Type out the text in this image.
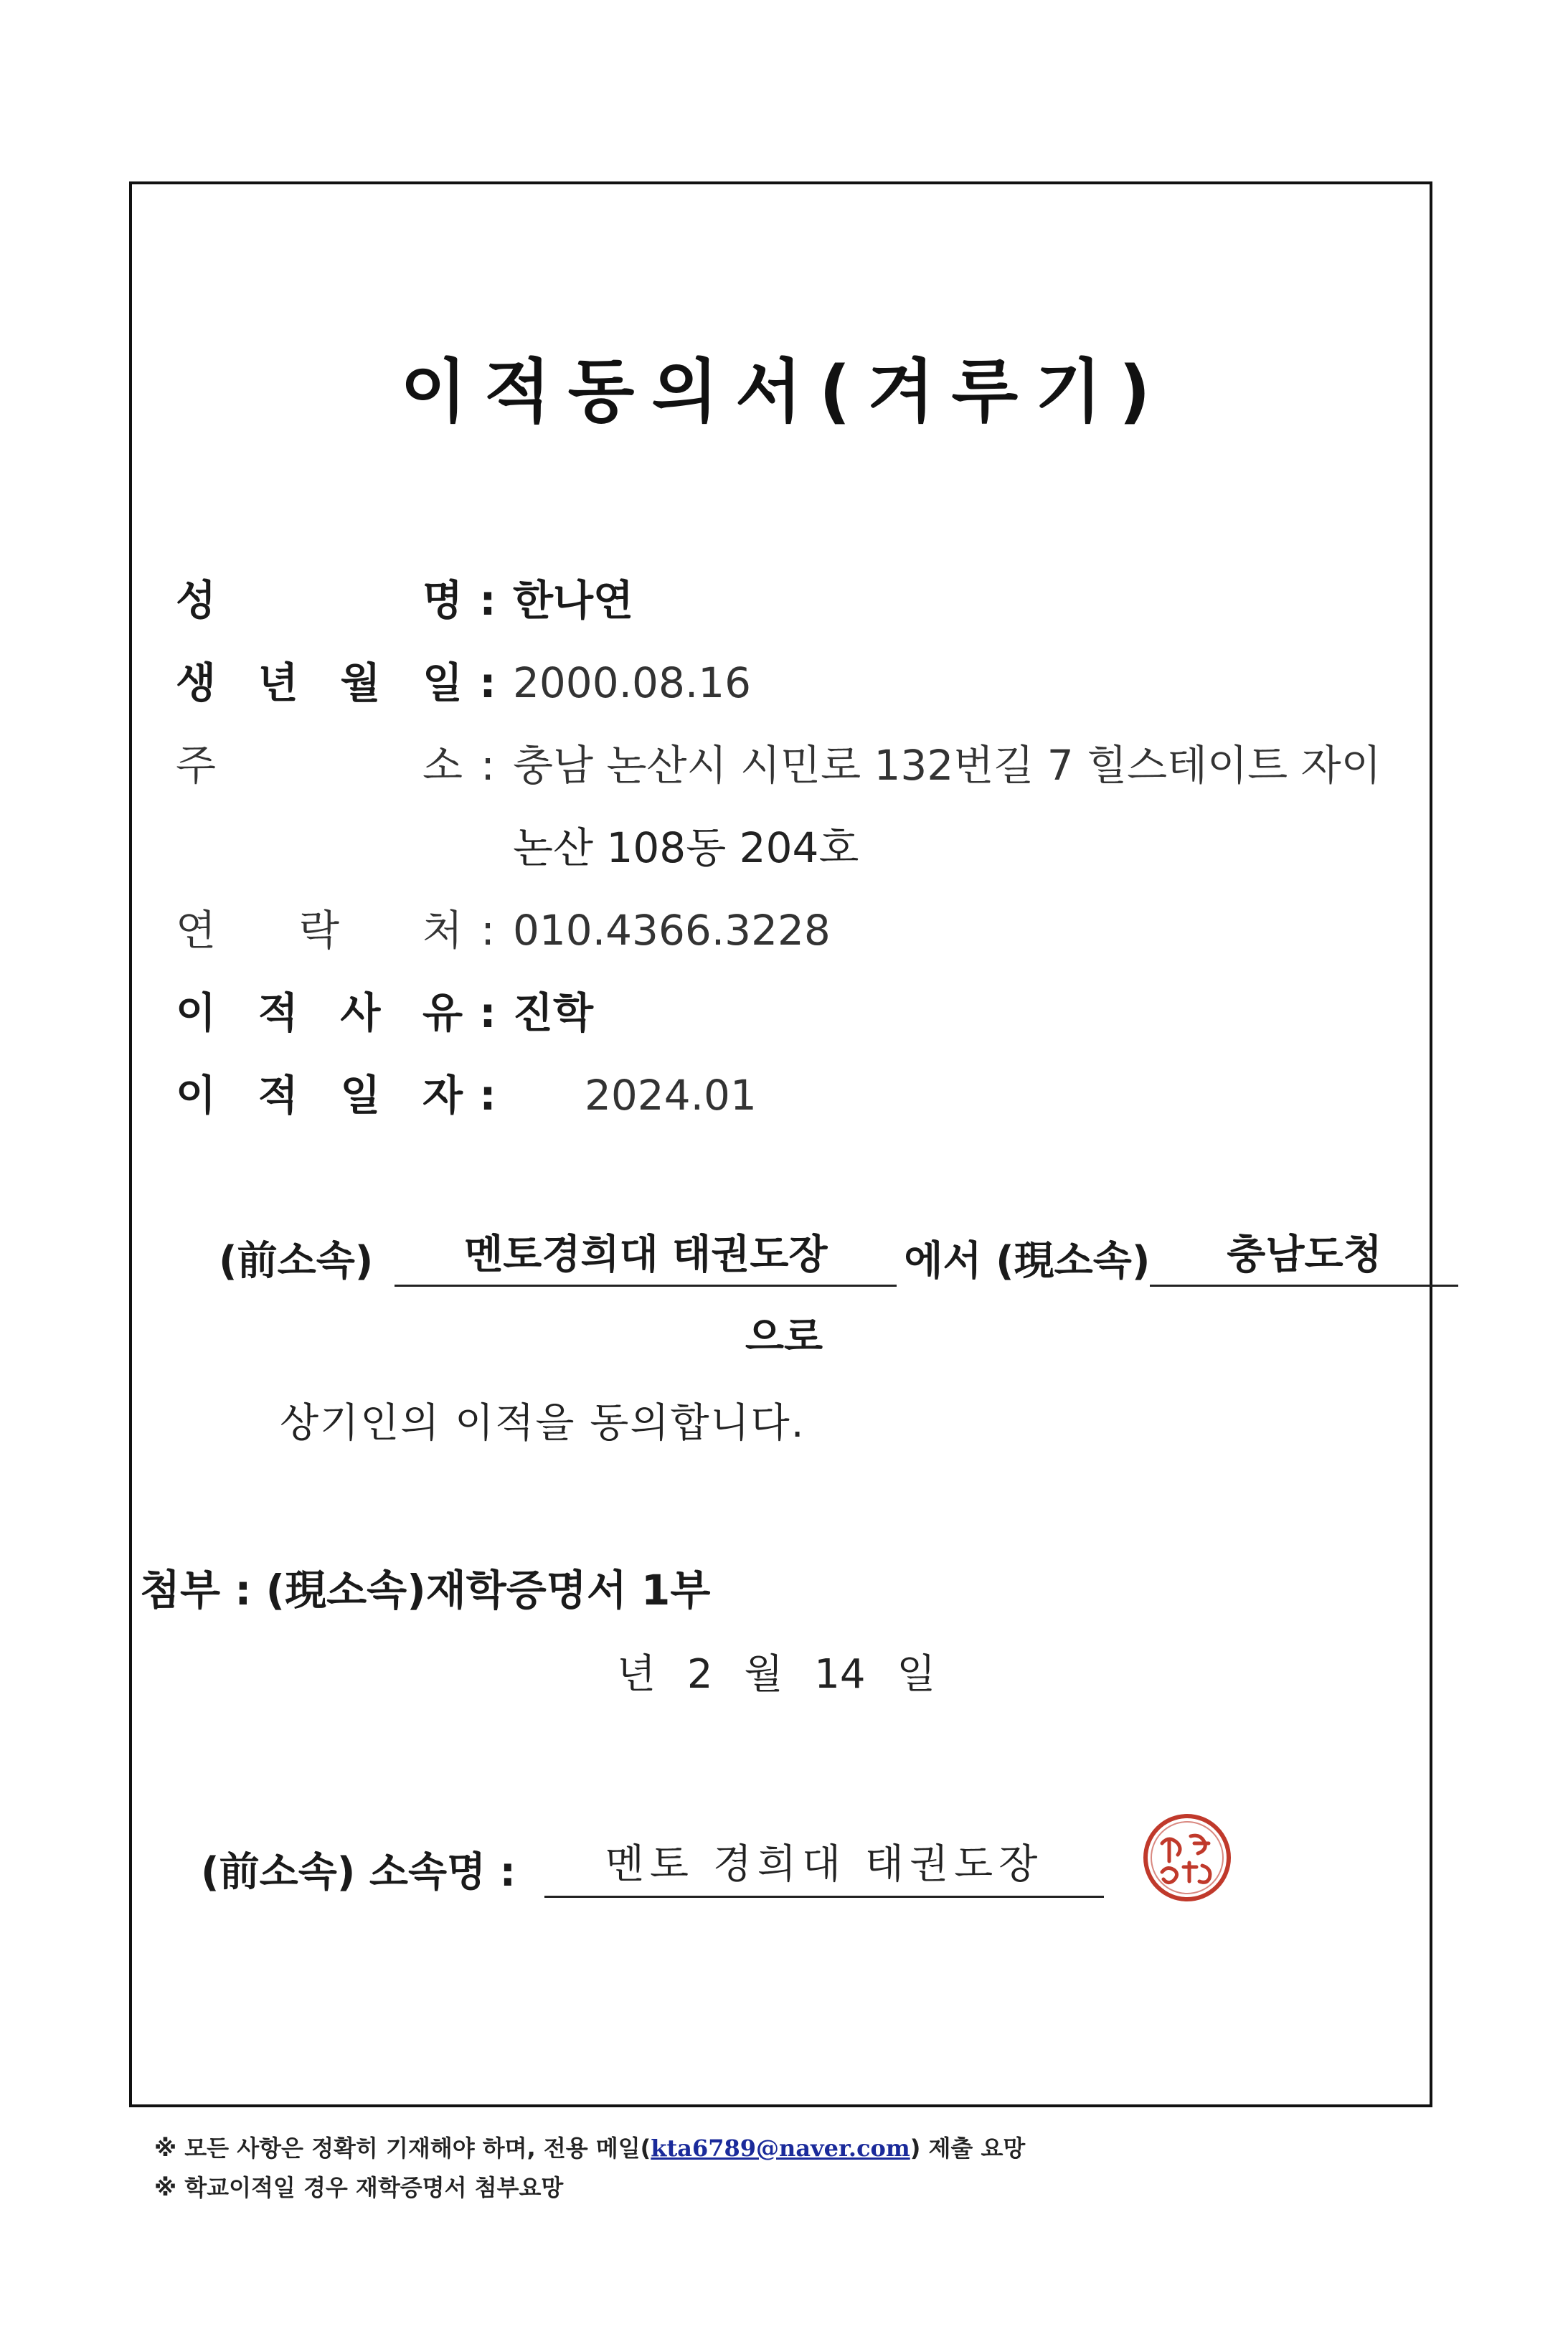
이적동의서(겨루기)
성	명 : 한나연
생 년 월 일 : 2000.08.16
주	소 : 충남 논산시 시민로 132번길 7 힐스테이트 자이
논산 108동 204호
연 락 처 : 010.4366.3228
이 적 사 유 : 진학
이 적 일 자 :	2024.01
(前소속)	멘토경희대 태권도장	에서 (現소속)	충남도청
으로
상기인의 이적을 동의합니다.
첨부 : (現소속)재학증명서 1부
년 2 월 14 일
(前소속) 소속명 :	멘토 경희대 태권도장
※ 모든 사항은 정확히 기재해야 하며, 전용 메일(kta6789@naver.com) 제출 요망
※ 학교이적일 경우 재학증명서 첨부요망
